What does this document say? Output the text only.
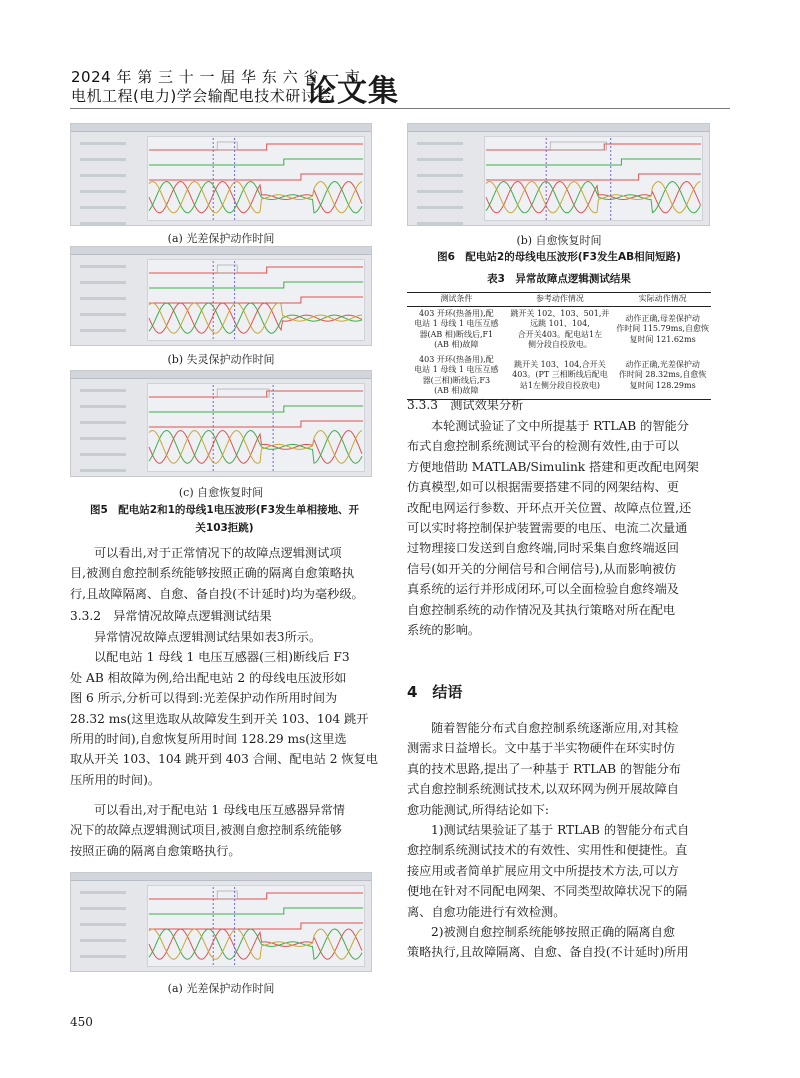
2024 年 第 三 十 一 届 华 东 六 省 一 市
电机工程(电力)学会输配电技术研讨会
论文集
(a) 光差保护动作时间
(b) 失灵保护动作时间
(c) 自愈恢复时间
图5　配电站2和1的母线1电压波形(F3发生单相接地、开
关103拒跳)
(b) 自愈恢复时间
图6　配电站2的母线电压波形(F3发生AB相间短路)
(a) 光差保护动作时间
表3　异常故障点逻辑测试结果
测试条件	参考动作情况	实际动作情况

403 开环(热备用),配
电站 1 母线 1 电压互感
器(AB 相)断线后,F1
(AB 相)故障	跳开关 102、103、501,并
远跳 101、104,
合开关403。配电站1左
侧分段自投放电。	动作正确,母差保护动
作时间 115.79ms,自愈恢
复时间 121.62ms

403 开环(热备用),配
电站 1 母线 1 电压互感
器(三相)断线后,F3
(AB 相)故障	跳开关 103、104,合开关
403。(PT 三相断线后配电
站1左侧分段自投放电)	动作正确,光差保护动
作时间 28.32ms,自愈恢
复时间 128.29ms
3.3.3　测试效果分析
本轮测试验证了文中所提基于 RTLAB 的智能分
布式自愈控制系统测试平台的检测有效性,由于可以
方便地借助 MATLAB/Simulink 搭建和更改配电网架
仿真模型,如可以根据需要搭建不同的网架结构、更
改配电网运行参数、开环点开关位置、故障点位置,还
可以实时将控制保护装置需要的电压、电流二次量通
过物理接口发送到自愈终端,同时采集自愈终端返回
信号(如开关的分闸信号和合闸信号),从而影响被仿
真系统的运行并形成闭环,可以全面检验自愈终端及
自愈控制系统的动作情况及其执行策略对所在配电
系统的影响。
4　结语
随着智能分布式自愈控制系统逐渐应用,对其检
测需求日益增长。文中基于半实物硬件在环实时仿
真的技术思路,提出了一种基于 RTLAB 的智能分布
式自愈控制系统测试技术,以双环网为例开展故障自
愈功能测试,所得结论如下:
1)测试结果验证了基于 RTLAB 的智能分布式自
愈控制系统测试技术的有效性、实用性和便捷性。直
接应用或者简单扩展应用文中所提技术方法,可以方
便地在针对不同配电网架、不同类型故障状况下的隔
离、自愈功能进行有效检测。
2)被测自愈控制系统能够按照正确的隔离自愈
策略执行,且故障隔离、自愈、备自投(不计延时)所用
可以看出,对于正常情况下的故障点逻辑测试项
目,被测自愈控制系统能够按照正确的隔离自愈策略执
行,且故障隔离、自愈、备自投(不计延时)均为毫秒级。
3.3.2　异常情况故障点逻辑测试结果
异常情况故障点逻辑测试结果如表3所示。
以配电站 1 母线 1 电压互感器(三相)断线后 F3
处 AB 相故障为例,给出配电站 2 的母线电压波形如
图 6 所示,分析可以得到:光差保护动作所用时间为
28.32 ms(这里选取从故障发生到开关 103、104 跳开
所用的时间),自愈恢复所用时间 128.29 ms(这里选
取从开关 103、104 跳开到 403 合闸、配电站 2 恢复电
压所用的时间)。
可以看出,对于配电站 1 母线电压互感器异常情
况下的故障点逻辑测试项目,被测自愈控制系统能够
按照正确的隔离自愈策略执行。
450
